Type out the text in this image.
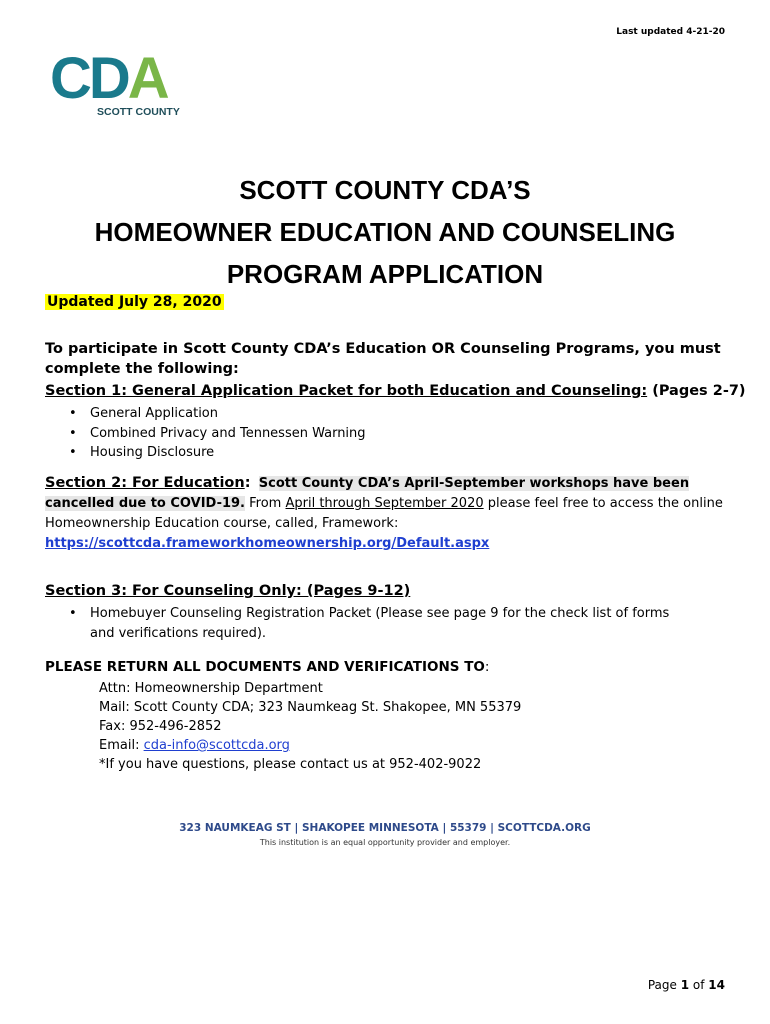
Last updated 4-21-20
CDA
SCOTT COUNTY
SCOTT COUNTY CDA’S
HOMEOWNER EDUCATION AND COUNSELING
PROGRAM APPLICATION
Updated July 28, 2020
To participate in Scott County CDA’s Education OR Counseling Programs, you must complete the following:
Section 1: General Application Packet for both Education and Counseling: (Pages 2-7)
• General Application
• Combined Privacy and Tennessen Warning
• Housing Disclosure
Section 2: For Education: Scott County CDA’s April-September workshops have been cancelled due to COVID-19. From April through September 2020 please feel free to access the online Homeownership Education course, called, Framework:
https://scottcda.frameworkhomeownership.org/Default.aspx
Section 3: For Counseling Only: (Pages 9-12)
• Homebuyer Counseling Registration Packet (Please see page 9 for the check list of forms and verifications required).
PLEASE RETURN ALL DOCUMENTS AND VERIFICATIONS TO:
Attn: Homeownership Department
Mail: Scott County CDA; 323 Naumkeag St. Shakopee, MN 55379
Fax: 952-496-2852
Email: cda-info@scottcda.org
*If you have questions, please contact us at 952-402-9022
323 NAUMKEAG ST | SHAKOPEE MINNESOTA | 55379 | SCOTTCDA.ORG
This institution is an equal opportunity provider and employer.
Page 1 of 14
